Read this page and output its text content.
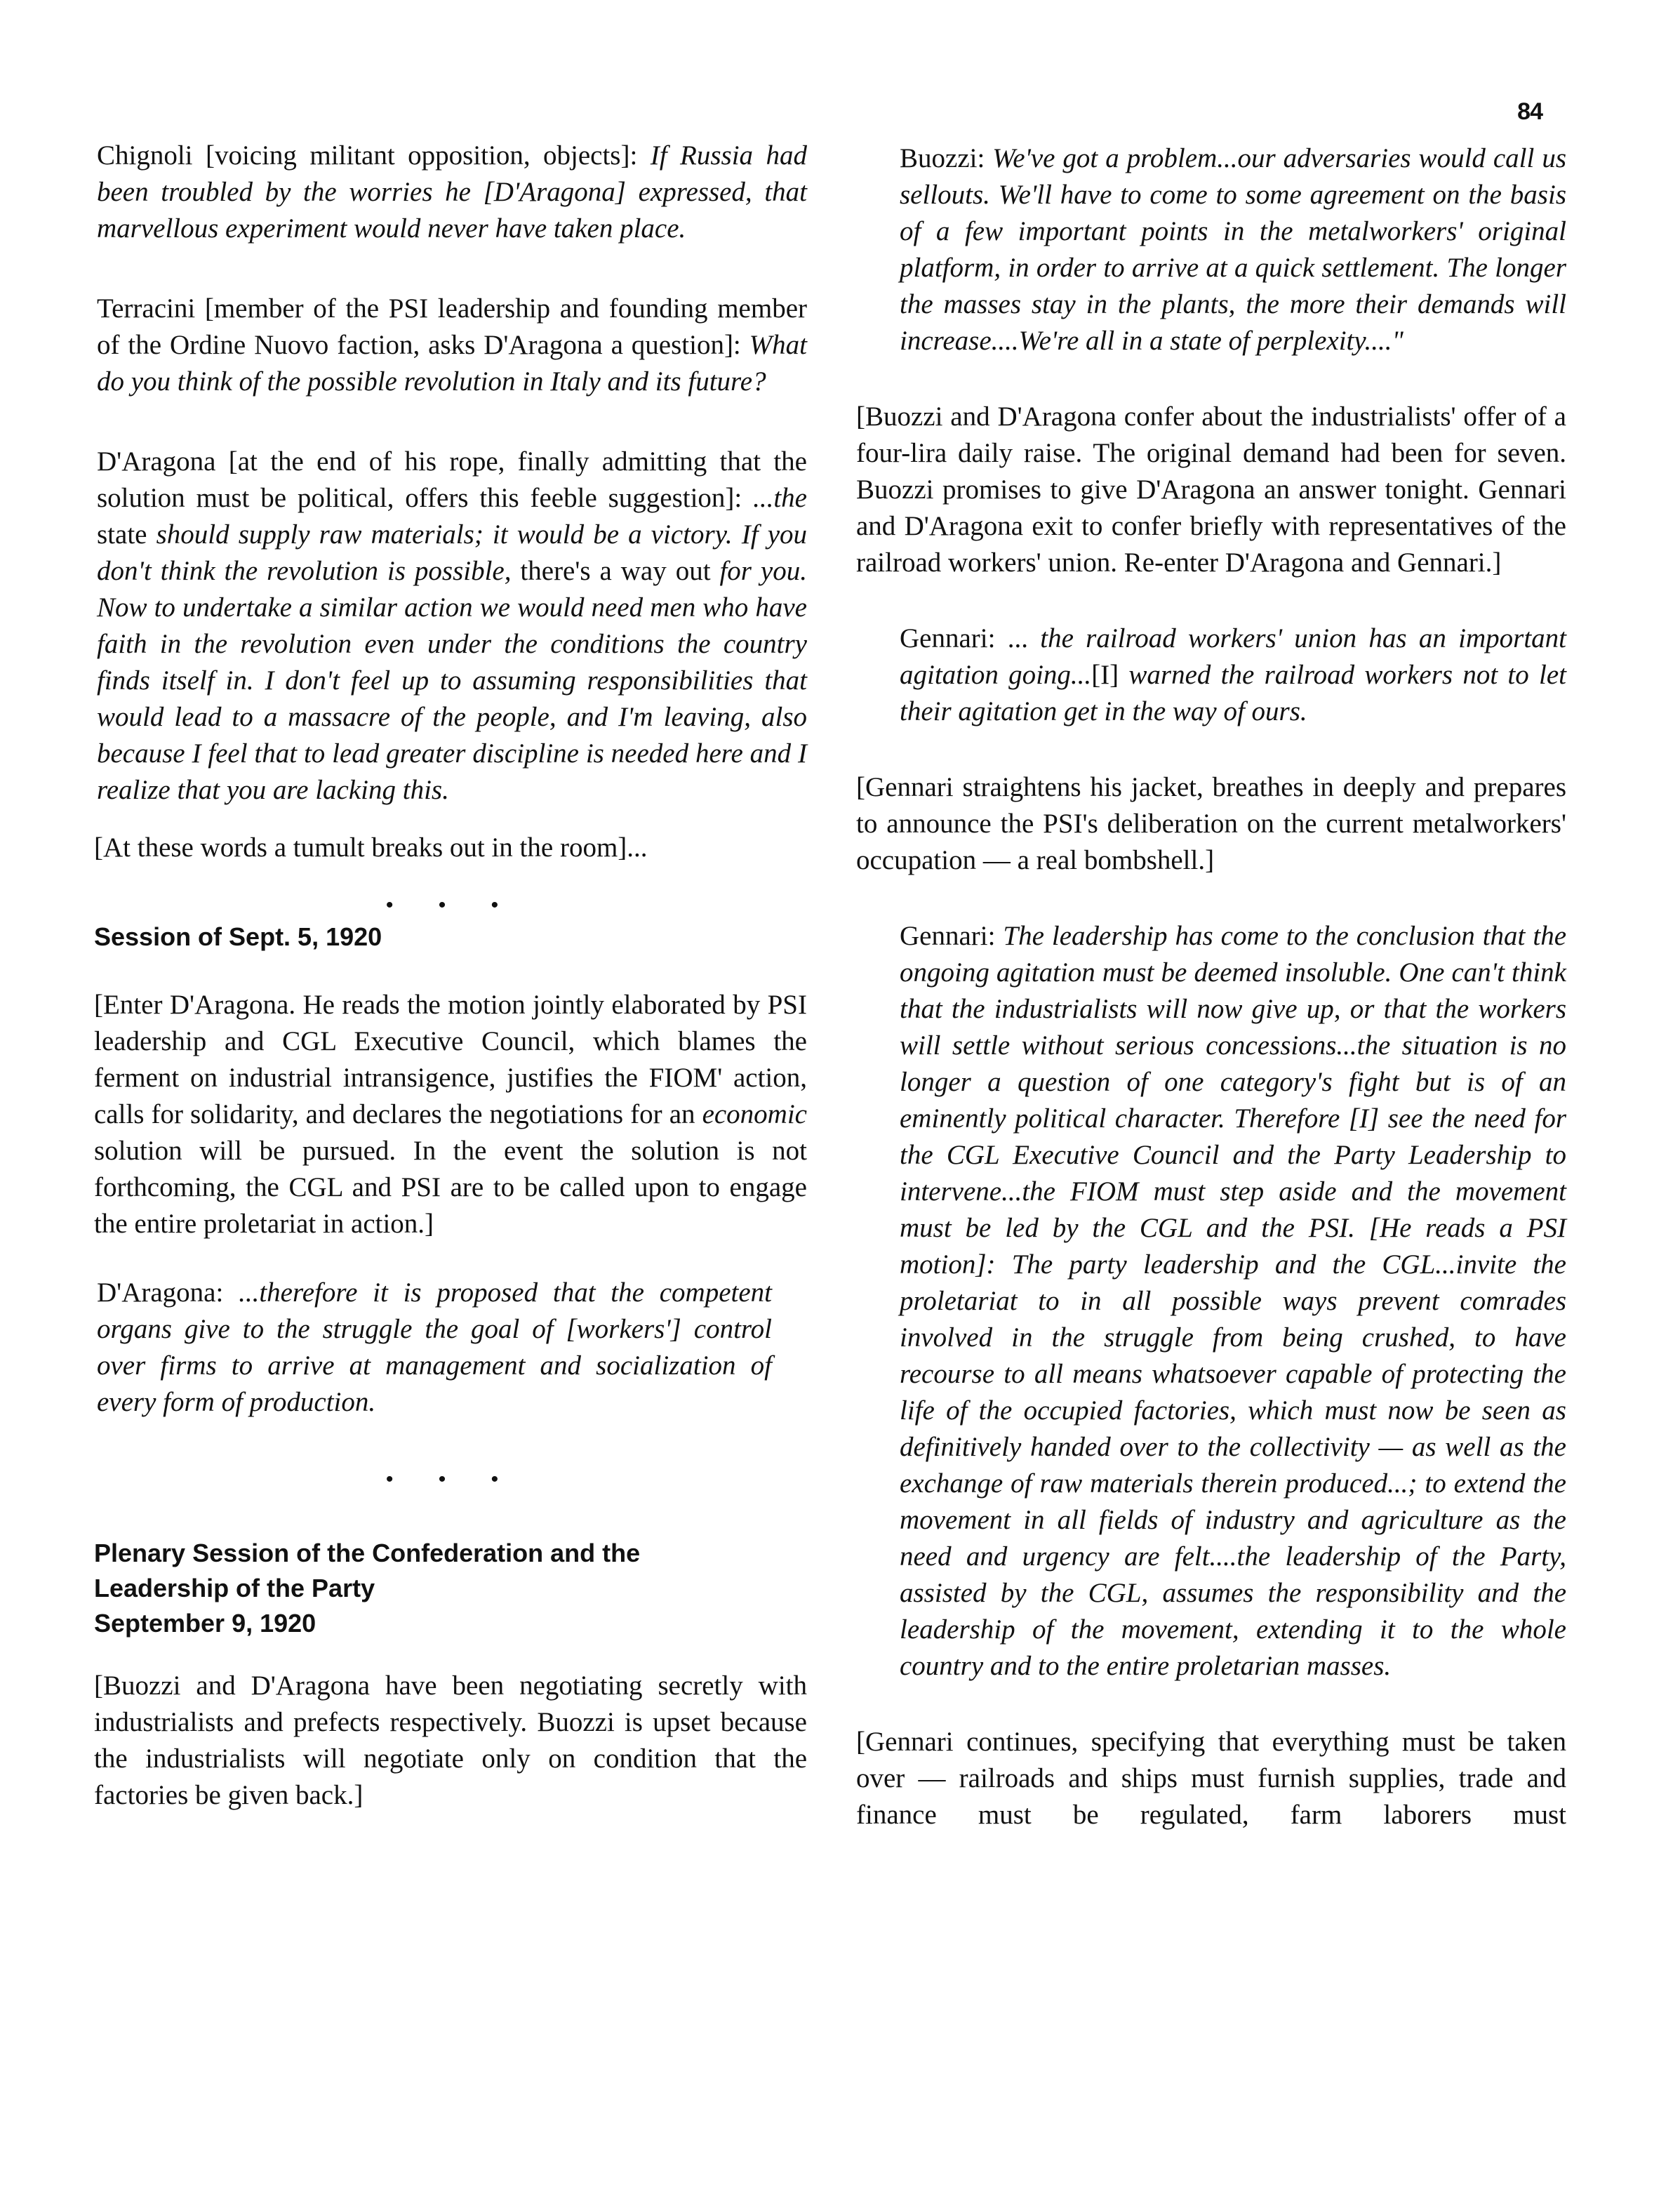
84

Chignoli [voicing militant opposition, objects]: If Russia had been troubled by the worries he [D'Aragona] expressed, that marvellous experiment would never have taken place.

Terracini [member of the PSI leadership and founding member of the Ordine Nuovo faction, asks D'Aragona a question]: What do you think of the possible revolution in Italy and its future?

D'Aragona [at the end of his rope, finally admitting that the solution must be political, offers this feeble suggestion]: ...the state should supply raw materials; it would be a victory. If you don't think the revolution is possible, there's a way out for you. Now to undertake a similar action we would need men who have faith in the revolution even under the conditions the country finds itself in. I don't feel up to assuming responsibilities that would lead to a massacre of the people, and I'm leaving, also because I feel that to lead greater discipline is needed here and I realize that you are lacking this.

[At these words a tumult breaks out in the room]...

• • •
Session of Sept. 5, 1920

[Enter D'Aragona. He reads the motion jointly elaborated by PSI leadership and CGL Executive Council, which blames the ferment on industrial intransigence, justifies the FIOM' action, calls for solidarity, and declares the negotiations for an economic solution will be pursued. In the event the solution is not forthcoming, the CGL and PSI are to be called upon to engage the entire proletariat in action.]

D'Aragona: ...therefore it is proposed that the competent organs give to the struggle the goal of [workers'] control over firms to arrive at management and socialization of every form of production.

• • •
Plenary Session of the Confederation and the
Leadership of the Party
September 9, 1920

[Buozzi and D'Aragona have been negotiating secretly with industrialists and prefects respectively. Buozzi is upset because the industrialists will negotiate only on condition that the factories be given back.]

Buozzi: We've got a problem...our adversaries would call us sellouts. We'll have to come to some agreement on the basis of a few important points in the metalworkers' original platform, in order to arrive at a quick settlement. The longer the masses stay in the plants, the more their demands will increase....We're all in a state of perplexity...."

[Buozzi and D'Aragona confer about the industrialists' offer of a four-lira daily raise. The original demand had been for seven. Buozzi promises to give D'Aragona an answer tonight. Gennari and D'Aragona exit to confer briefly with representatives of the railroad workers' union. Re-enter D'Aragona and Gennari.]

Gennari: ... the railroad workers' union has an important agitation going...[I] warned the railroad workers not to let their agitation get in the way of ours.

[Gennari straightens his jacket, breathes in deeply and prepares to announce the PSI's deliberation on the current metalworkers' occupation — a real bombshell.]

Gennari: The leadership has come to the conclusion that the ongoing agitation must be deemed insoluble. One can't think that the industrialists will now give up, or that the workers will settle without serious concessions...the situation is no longer a question of one category's fight but is of an eminently political character. Therefore [I] see the need for the CGL Executive Council and the Party Leadership to intervene...the FIOM must step aside and the movement must be led by the CGL and the PSI. [He reads a PSI motion]: The party leadership and the CGL...invite the proletariat to in all possible ways prevent comrades involved in the struggle from being crushed, to have recourse to all means whatsoever capable of protecting the life of the occupied factories, which must now be seen as definitively handed over to the collectivity — as well as the exchange of raw materials therein produced...; to extend the movement in all fields of industry and agriculture as the need and urgency are felt....the leadership of the Party, assisted by the CGL, assumes the responsibility and the leadership of the movement, extending it to the whole country and to the entire proletarian masses.

[Gennari continues, specifying that everything must be taken over — railroads and ships must furnish supplies, trade and finance must be regulated, farm laborers must
